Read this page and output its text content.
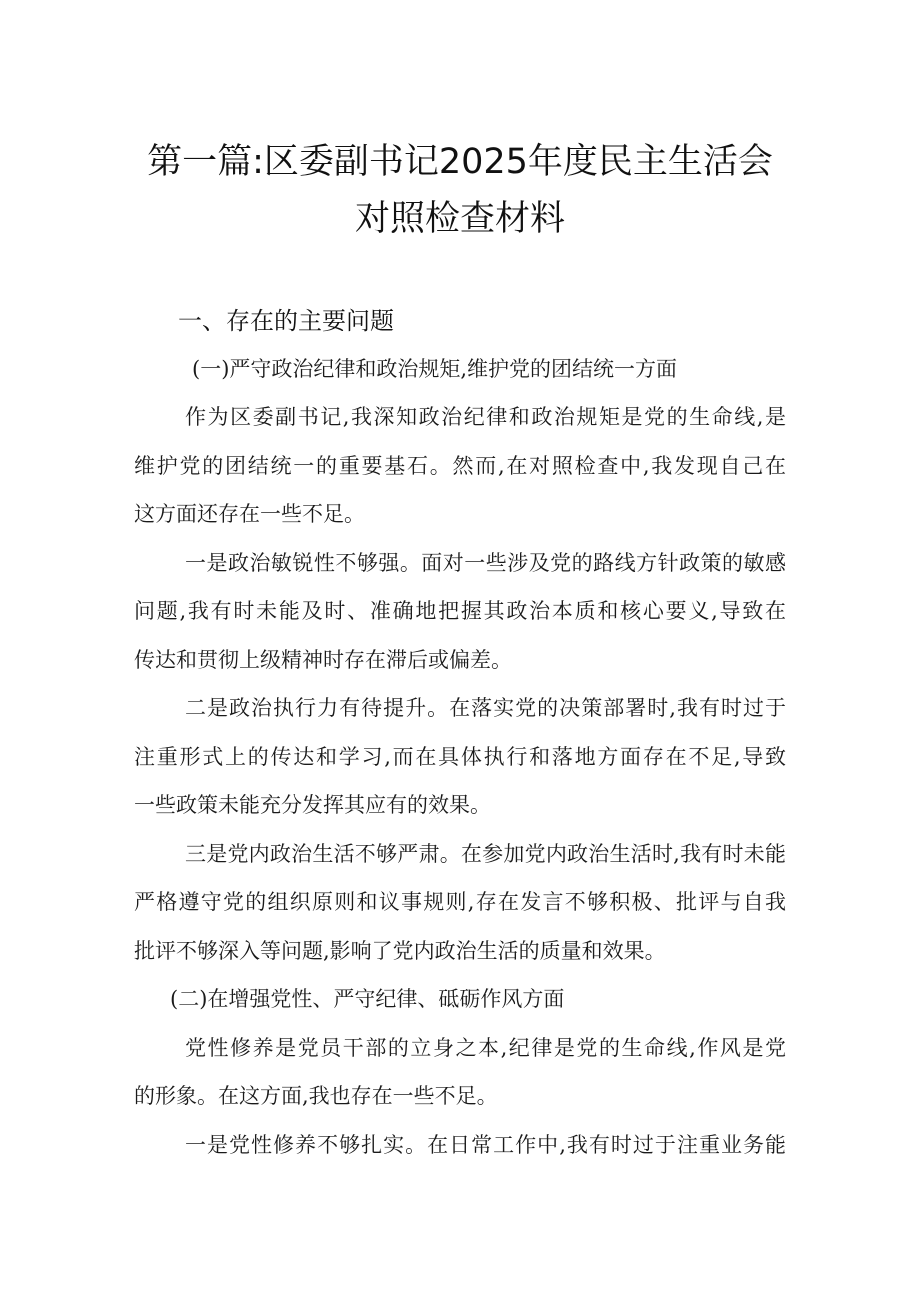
第一篇:区委副书记2025年度民主生活会
对照检查材料
一、存在的主要问题
(一)严守政治纪律和政治规矩,维护党的团结统一方面
作为区委副书记,我深知政治纪律和政治规矩是党的生命线,是
维护党的团结统一的重要基石。然而,在对照检查中,我发现自己在
这方面还存在一些不足。
一是政治敏锐性不够强。面对一些涉及党的路线方针政策的敏感
问题,我有时未能及时、准确地把握其政治本质和核心要义,导致在
传达和贯彻上级精神时存在滞后或偏差。
二是政治执行力有待提升。在落实党的决策部署时,我有时过于
注重形式上的传达和学习,而在具体执行和落地方面存在不足,导致
一些政策未能充分发挥其应有的效果。
三是党内政治生活不够严肃。在参加党内政治生活时,我有时未能
严格遵守党的组织原则和议事规则,存在发言不够积极、批评与自我
批评不够深入等问题,影响了党内政治生活的质量和效果。
(二)在增强党性、严守纪律、砥砺作风方面
党性修养是党员干部的立身之本,纪律是党的生命线,作风是党
的形象。在这方面,我也存在一些不足。
一是党性修养不够扎实。在日常工作中,我有时过于注重业务能
